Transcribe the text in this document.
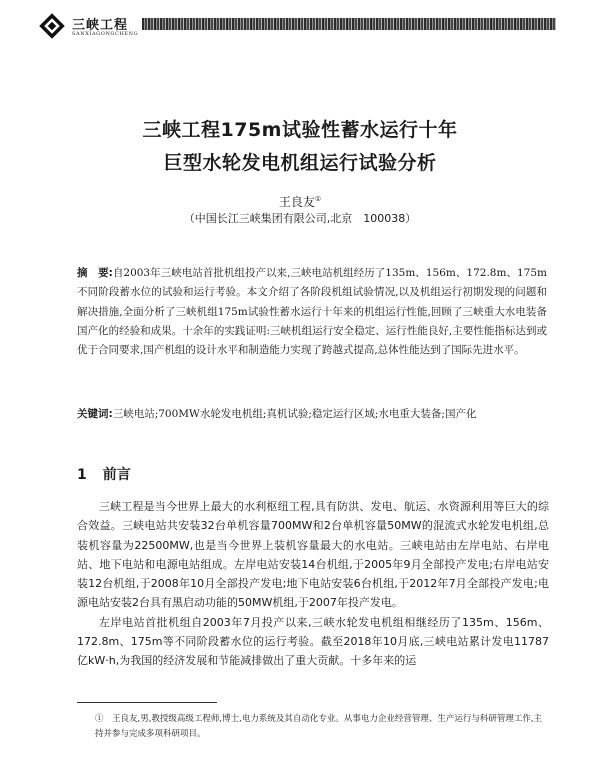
三峡工程
SANXIAGONGCHENG
三峡工程175m试验性蓄水运行十年
巨型水轮发电机组运行试验分析
王良友①
（中国长江三峡集团有限公司,北京　100038）
摘　要:自2003年三峡电站首批机组投产以来,三峡电站机组经历了135m、156m、172.8m、175m不同阶段蓄水位的试验和运行考验。本文介绍了各阶段机组试验情况,以及机组运行初期发现的问题和解决措施,全面分析了三峡机组175m试验性蓄水运行十年来的机组运行性能,回顾了三峡重大水电装备国产化的经验和成果。十余年的实践证明:三峡机组运行安全稳定、运行性能良好,主要性能指标达到或优于合同要求,国产机组的设计水平和制造能力实现了跨越式提高,总体性能达到了国际先进水平。
关键词:三峡电站;700MW水轮发电机组;真机试验;稳定运行区域;水电重大装备;国产化
1 前言

三峡工程是当今世界上最大的水利枢纽工程,具有防洪、发电、航运、水资源利用等巨大的综合效益。三峡电站共安装32台单机容量700MW和2台单机容量50MW的混流式水轮发电机组,总装机容量为22500MW,也是当今世界上装机容量最大的水电站。三峡电站由左岸电站、右岸电站、地下电站和电源电站组成。左岸电站安装14台机组,于2005年9月全部投产发电;右岸电站安装12台机组,于2008年10月全部投产发电;地下电站安装6台机组,于2012年7月全部投产发电;电源电站安装2台具有黑启动功能的50MW机组,于2007年投产发电。

左岸电站首批机组自2003年7月投产以来,三峡水轮发电机组相继经历了135m、156m、172.8m、175m等不同阶段蓄水位的运行考验。截至2018年10月底,三峡电站累计发电11787亿kW·h,为我国的经济发展和节能减排做出了重大贡献。十多年来的运

①　 王良友,男,教授级高级工程师,博士,电力系统及其自动化专业。从事电力企业经营管理、生产运行与科研管理工作,主持并参与完成多项科研项目。
